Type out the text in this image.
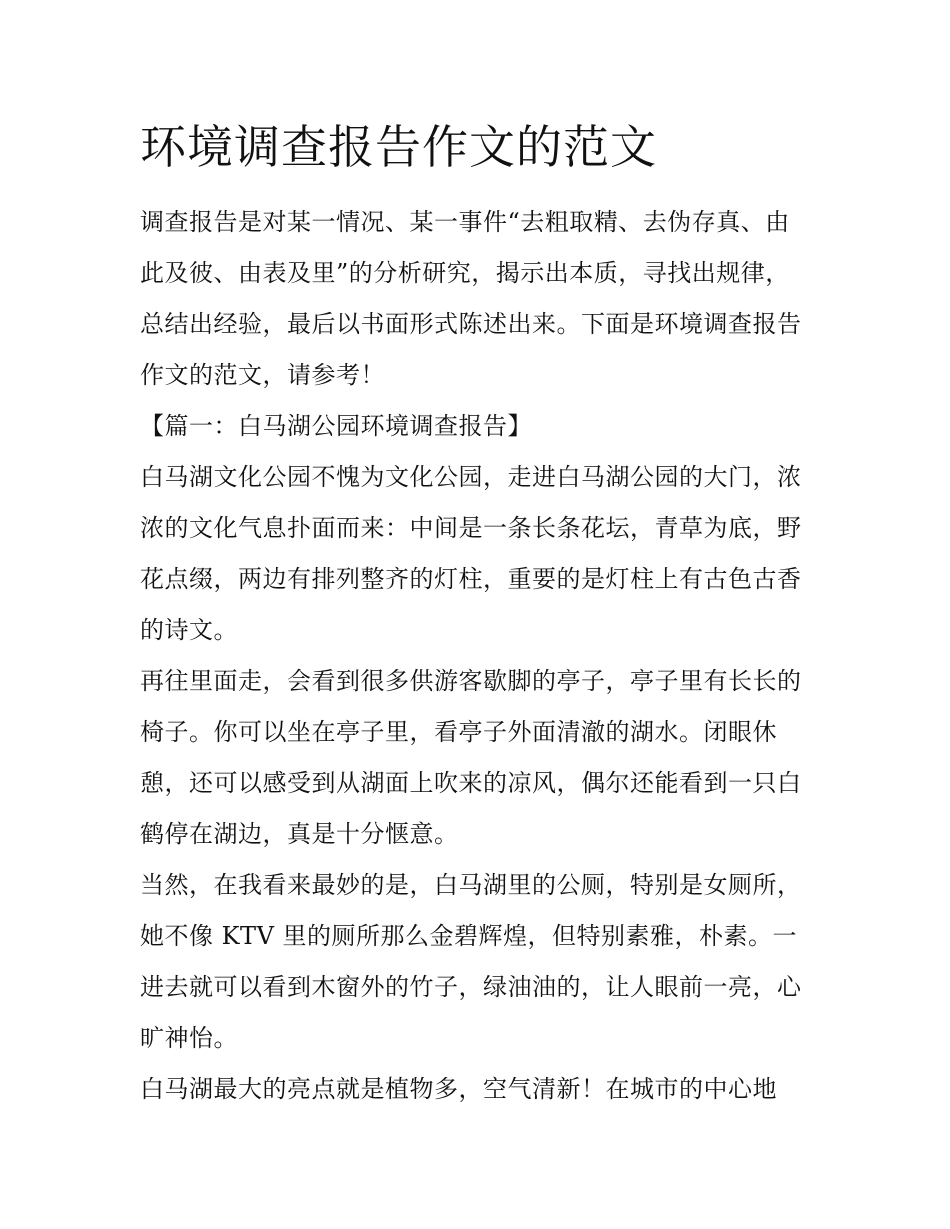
环境调查报告作文的范文
调查报告是对某一情况、某一事件“去粗取精、去伪存真、由
此及彼、由表及里”的分析研究，揭示出本质，寻找出规律，
总结出经验，最后以书面形式陈述出来。下面是环境调查报告
作文的范文，请参考！
【篇一：白马湖公园环境调查报告】
白马湖文化公园不愧为文化公园，走进白马湖公园的大门，浓
浓的文化气息扑面而来：中间是一条长条花坛，青草为底，野
花点缀，两边有排列整齐的灯柱，重要的是灯柱上有古色古香
的诗文。
再往里面走，会看到很多供游客歇脚的亭子，亭子里有长长的
椅子。你可以坐在亭子里，看亭子外面清澈的湖水。闭眼休
憩，还可以感受到从湖面上吹来的凉风，偶尔还能看到一只白
鹤停在湖边，真是十分惬意。
当然，在我看来最妙的是，白马湖里的公厕，特别是女厕所，
她不像 KTV 里的厕所那么金碧辉煌，但特别素雅，朴素。一
进去就可以看到木窗外的竹子，绿油油的，让人眼前一亮，心
旷神怡。
白马湖最大的亮点就是植物多，空气清新！在城市的中心地
